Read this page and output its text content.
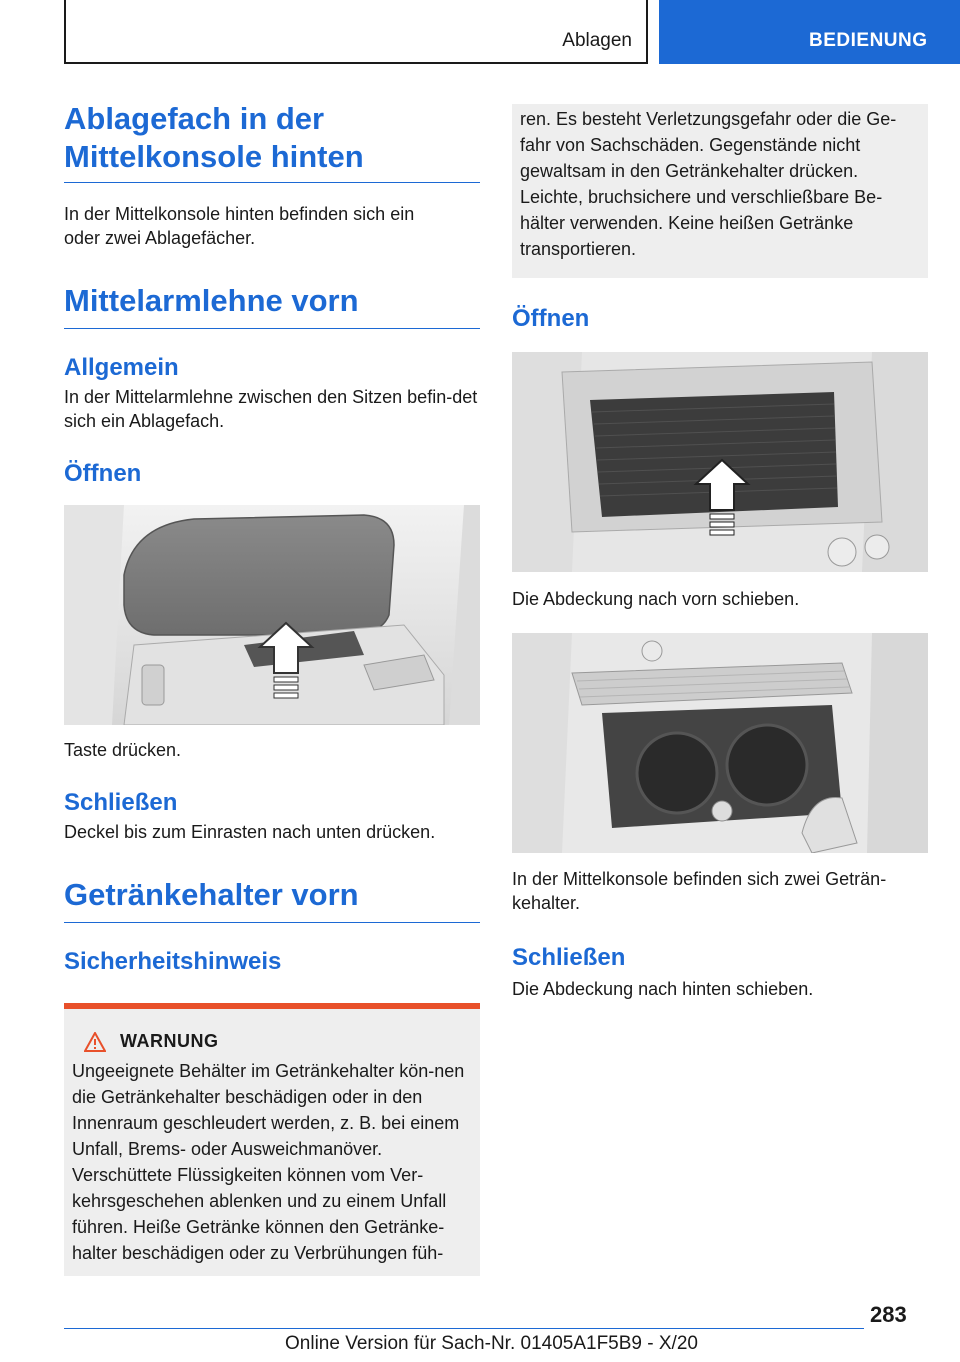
Ablagen	BEDIENUNG
Ablagefach in der Mittelkonsole hinten

In der Mittelkonsole hinten befinden sich ein oder zwei Ablagefächer.

Mittelarmlehne vorn
Allgemein

In der Mittelarmlehne zwischen den Sitzen befin-det sich ein Ablagefach.

Öffnen

Taste drücken.

Schließen

Deckel bis zum Einrasten nach unten drücken.

Getränkehalter vorn
Sicherheitshinweis
WARNUNG

Ungeeignete Behälter im Getränkehalter kön-nen die Getränkehalter beschädigen oder in den Innenraum geschleudert werden, z. B. bei einem Unfall, Brems- oder Ausweichmanöver. Verschüttete Flüssigkeiten können vom Ver-kehrsgeschehen ablenken und zu einem Unfall führen. Heiße Getränke können den Getränke-halter beschädigen oder zu Verbrühungen füh-

ren. Es besteht Verletzungsgefahr oder die Ge-fahr von Sachschäden. Gegenstände nicht gewaltsam in den Getränkehalter drücken. Leichte, bruchsichere und verschließbare Be-hälter verwenden. Keine heißen Getränke transportieren.

Öffnen

Die Abdeckung nach vorn schieben.

In der Mittelkonsole befinden sich zwei Geträn-kehalter.

Schließen

Die Abdeckung nach hinten schieben.

283
Online Version für Sach-Nr. 01405A1F5B9 - X/20
